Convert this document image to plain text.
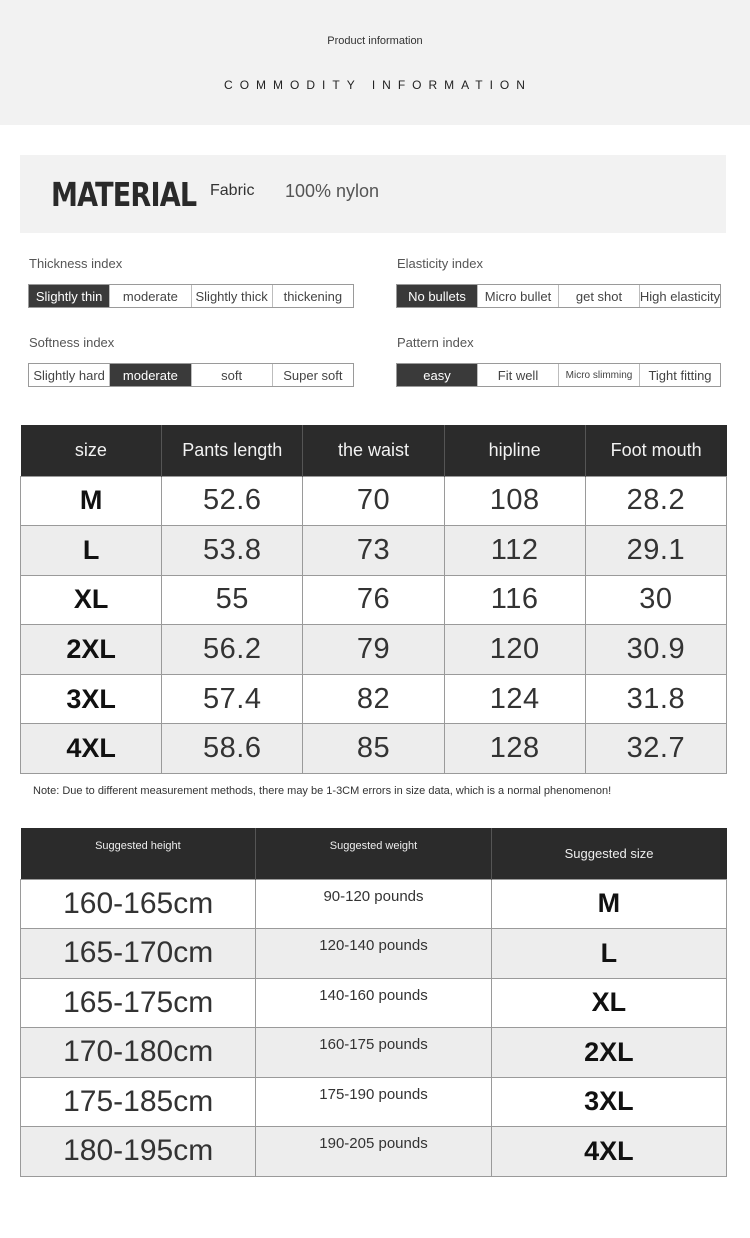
Product information
COMMODITY INFORMATION
MATERIAL Fabric 100% nylon
Thickness index
Slightly thin	moderate	Slightly thick	thickening
Elasticity index
No bullets	Micro bullet	get shot	High elasticity
Softness index
Slightly hard	moderate	soft	Super soft
Pattern index
easy	Fit well	Micro slimming	Tight fitting
size	Pants length	the waist	hipline	Foot mouth
M	52.6	70	108	28.2
L	53.8	73	112	29.1
XL	55	76	116	30
2XL	56.2	79	120	30.9
3XL	57.4	82	124	31.8
4XL	58.6	85	128	32.7
Note: Due to different measurement methods, there may be 1-3CM errors in size data, which is a normal phenomenon!
Suggested height	Suggested weight	Suggested size
160-165cm	90-120 pounds	M
165-170cm	120-140 pounds	L
165-175cm	140-160 pounds	XL
170-180cm	160-175 pounds	2XL
175-185cm	175-190 pounds	3XL
180-195cm	190-205 pounds	4XL
